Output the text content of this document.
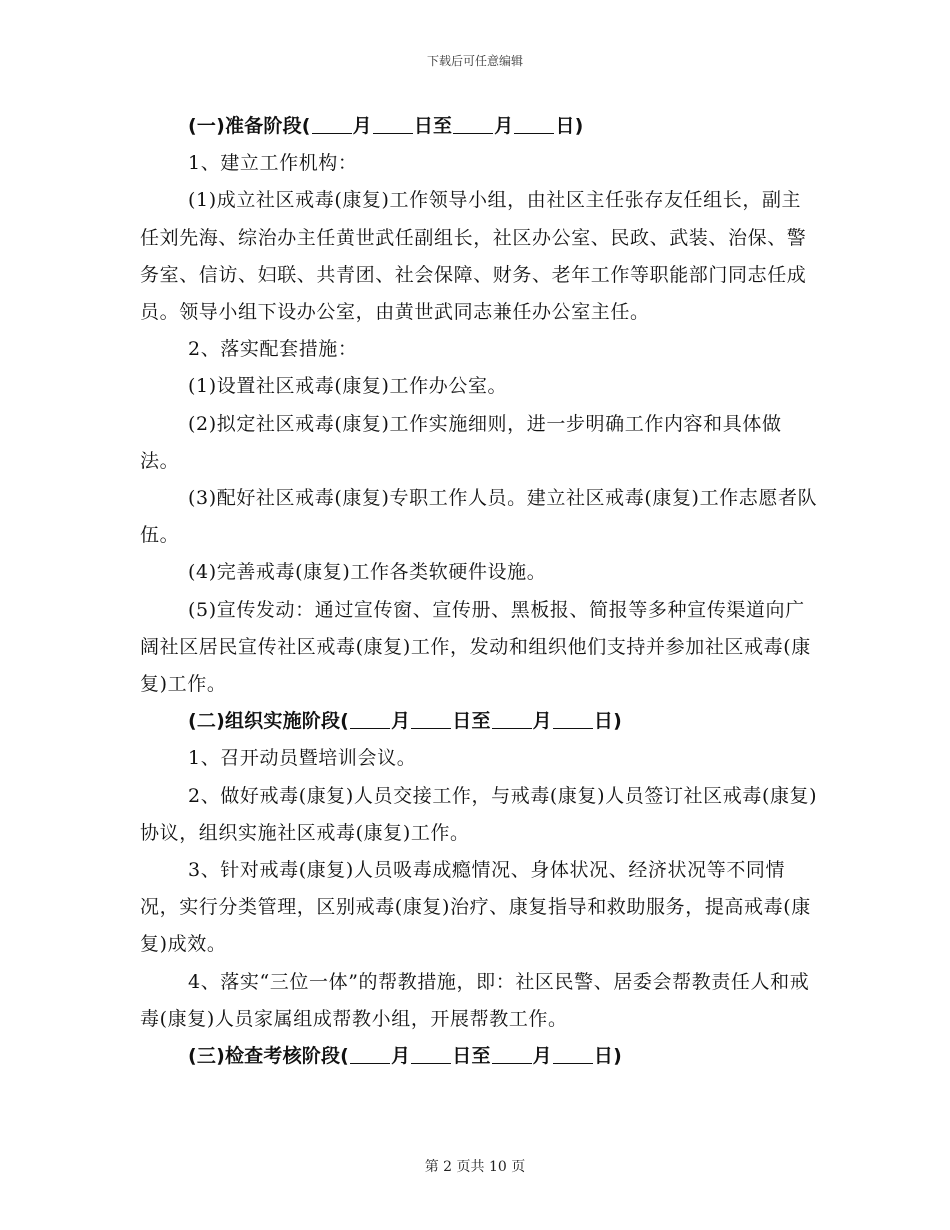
下载后可任意编辑

(一)准备阶段( 月 日至 月 日)

1、建立工作机构：

(1)成立社区戒毒(康复)工作领导小组，由社区主任张存友任组长，副主任刘先海、综治办主任黄世武任副组长，社区办公室、民政、武装、治保、警务室、信访、妇联、共青团、社会保障、财务、老年工作等职能部门同志任成员。领导小组下设办公室，由黄世武同志兼任办公室主任。

2、落实配套措施：

(1)设置社区戒毒(康复)工作办公室。

(2)拟定社区戒毒(康复)工作实施细则，进一步明确工作内容和具体做法。

(3)配好社区戒毒(康复)专职工作人员。建立社区戒毒(康复)工作志愿者队伍。

(4)完善戒毒(康复)工作各类软硬件设施。

(5)宣传发动：通过宣传窗、宣传册、黑板报、简报等多种宣传渠道向广阔社区居民宣传社区戒毒(康复)工作，发动和组织他们支持并参加社区戒毒(康复)工作。

(二)组织实施阶段( 月 日至 月 日)

1、召开动员暨培训会议。

2、做好戒毒(康复)人员交接工作，与戒毒(康复)人员签订社区戒毒(康复)协议，组织实施社区戒毒(康复)工作。

3、针对戒毒(康复)人员吸毒成瘾情况、身体状况、经济状况等不同情况，实行分类管理，区别戒毒(康复)治疗、康复指导和救助服务，提高戒毒(康复)成效。

4、落实“三位一体”的帮教措施，即：社区民警、居委会帮教责任人和戒毒(康复)人员家属组成帮教小组，开展帮教工作。

(三)检查考核阶段( 月 日至 月 日)

第 2 页共 10 页
